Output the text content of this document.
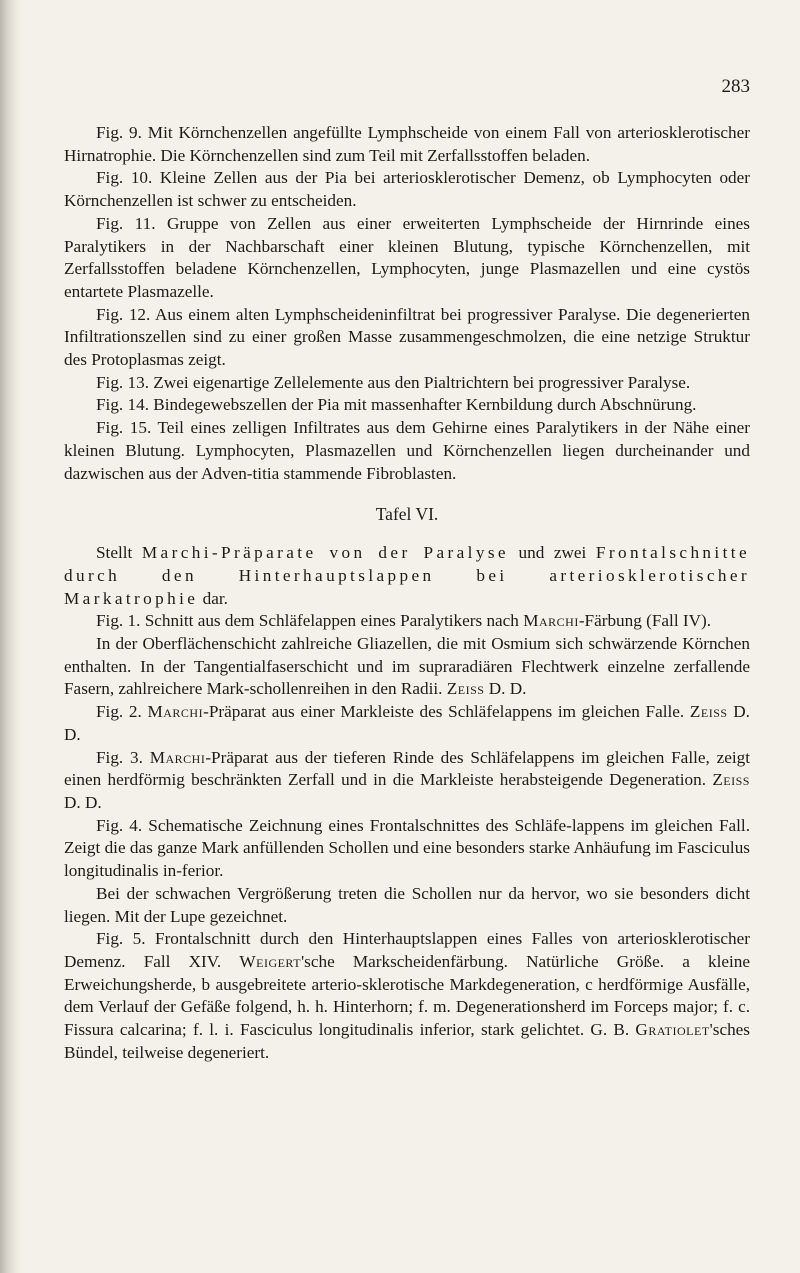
283

Fig. 9. Mit Körnchenzellen angefüllte Lymphscheide von einem Fall von arteriosklerotischer Hirnatrophie. Die Körnchenzellen sind zum Teil mit Zerfallsstoffen beladen.

Fig. 10. Kleine Zellen aus der Pia bei arteriosklerotischer Demenz, ob Lymphocyten oder Körnchenzellen ist schwer zu entscheiden.

Fig. 11. Gruppe von Zellen aus einer erweiterten Lymphscheide der Hirnrinde eines Paralytikers in der Nachbarschaft einer kleinen Blutung, typische Körnchenzellen, mit Zerfallsstoffen beladene Körnchenzellen, Lymphocyten, junge Plasmazellen und eine cystös entartete Plasmazelle.

Fig. 12. Aus einem alten Lymphscheideninfiltrat bei progressiver Paralyse. Die degenerierten Infiltrationszellen sind zu einer großen Masse zusammengeschmolzen, die eine netzige Struktur des Protoplasmas zeigt.

Fig. 13. Zwei eigenartige Zellelemente aus den Pialtrichtern bei progressiver Paralyse.

Fig. 14. Bindegewebszellen der Pia mit massenhafter Kernbildung durch Abschnürung.

Fig. 15. Teil eines zelligen Infiltrates aus dem Gehirne eines Paralytikers in der Nähe einer kleinen Blutung. Lymphocyten, Plasmazellen und Körnchenzellen liegen durcheinander und dazwischen aus der Adven-titia stammende Fibroblasten.

Tafel VI.

Stellt Marchi-Präparate von der Paralyse und zwei Frontalschnitte durch den Hinterhauptslappen bei arteriosklerotischer Markatrophie dar.

Fig. 1. Schnitt aus dem Schläfelappen eines Paralytikers nach Marchi-Färbung (Fall IV).

In der Oberflächenschicht zahlreiche Gliazellen, die mit Osmium sich schwärzende Körnchen enthalten. In der Tangentialfaserschicht und im supraradiären Flechtwerk einzelne zerfallende Fasern, zahlreichere Mark-schollenreihen in den Radii. Zeiss D. D.

Fig. 2. Marchi-Präparat aus einer Markleiste des Schläfelappens im gleichen Falle. Zeiss D. D.

Fig. 3. Marchi-Präparat aus der tieferen Rinde des Schläfelappens im gleichen Falle, zeigt einen herdförmig beschränkten Zerfall und in die Markleiste herabsteigende Degeneration. Zeiss D. D.

Fig. 4. Schematische Zeichnung eines Frontalschnittes des Schläfe-lappens im gleichen Fall. Zeigt die das ganze Mark anfüllenden Schollen und eine besonders starke Anhäufung im Fasciculus longitudinalis in-ferior.

Bei der schwachen Vergrößerung treten die Schollen nur da hervor, wo sie besonders dicht liegen. Mit der Lupe gezeichnet.

Fig. 5. Frontalschnitt durch den Hinterhauptslappen eines Falles von arteriosklerotischer Demenz. Fall XIV. Weigert'sche Markscheidenfärbung. Natürliche Größe. a kleine Erweichungsherde, b ausgebreitete arterio-sklerotische Markdegeneration, c herdförmige Ausfälle, dem Verlauf der Gefäße folgend, h. h. Hinterhorn; f. m. Degenerationsherd im Forceps major; f. c. Fissura calcarina; f. l. i. Fasciculus longitudinalis inferior, stark gelichtet. G. B. Gratiolet'sches Bündel, teilweise degeneriert.
